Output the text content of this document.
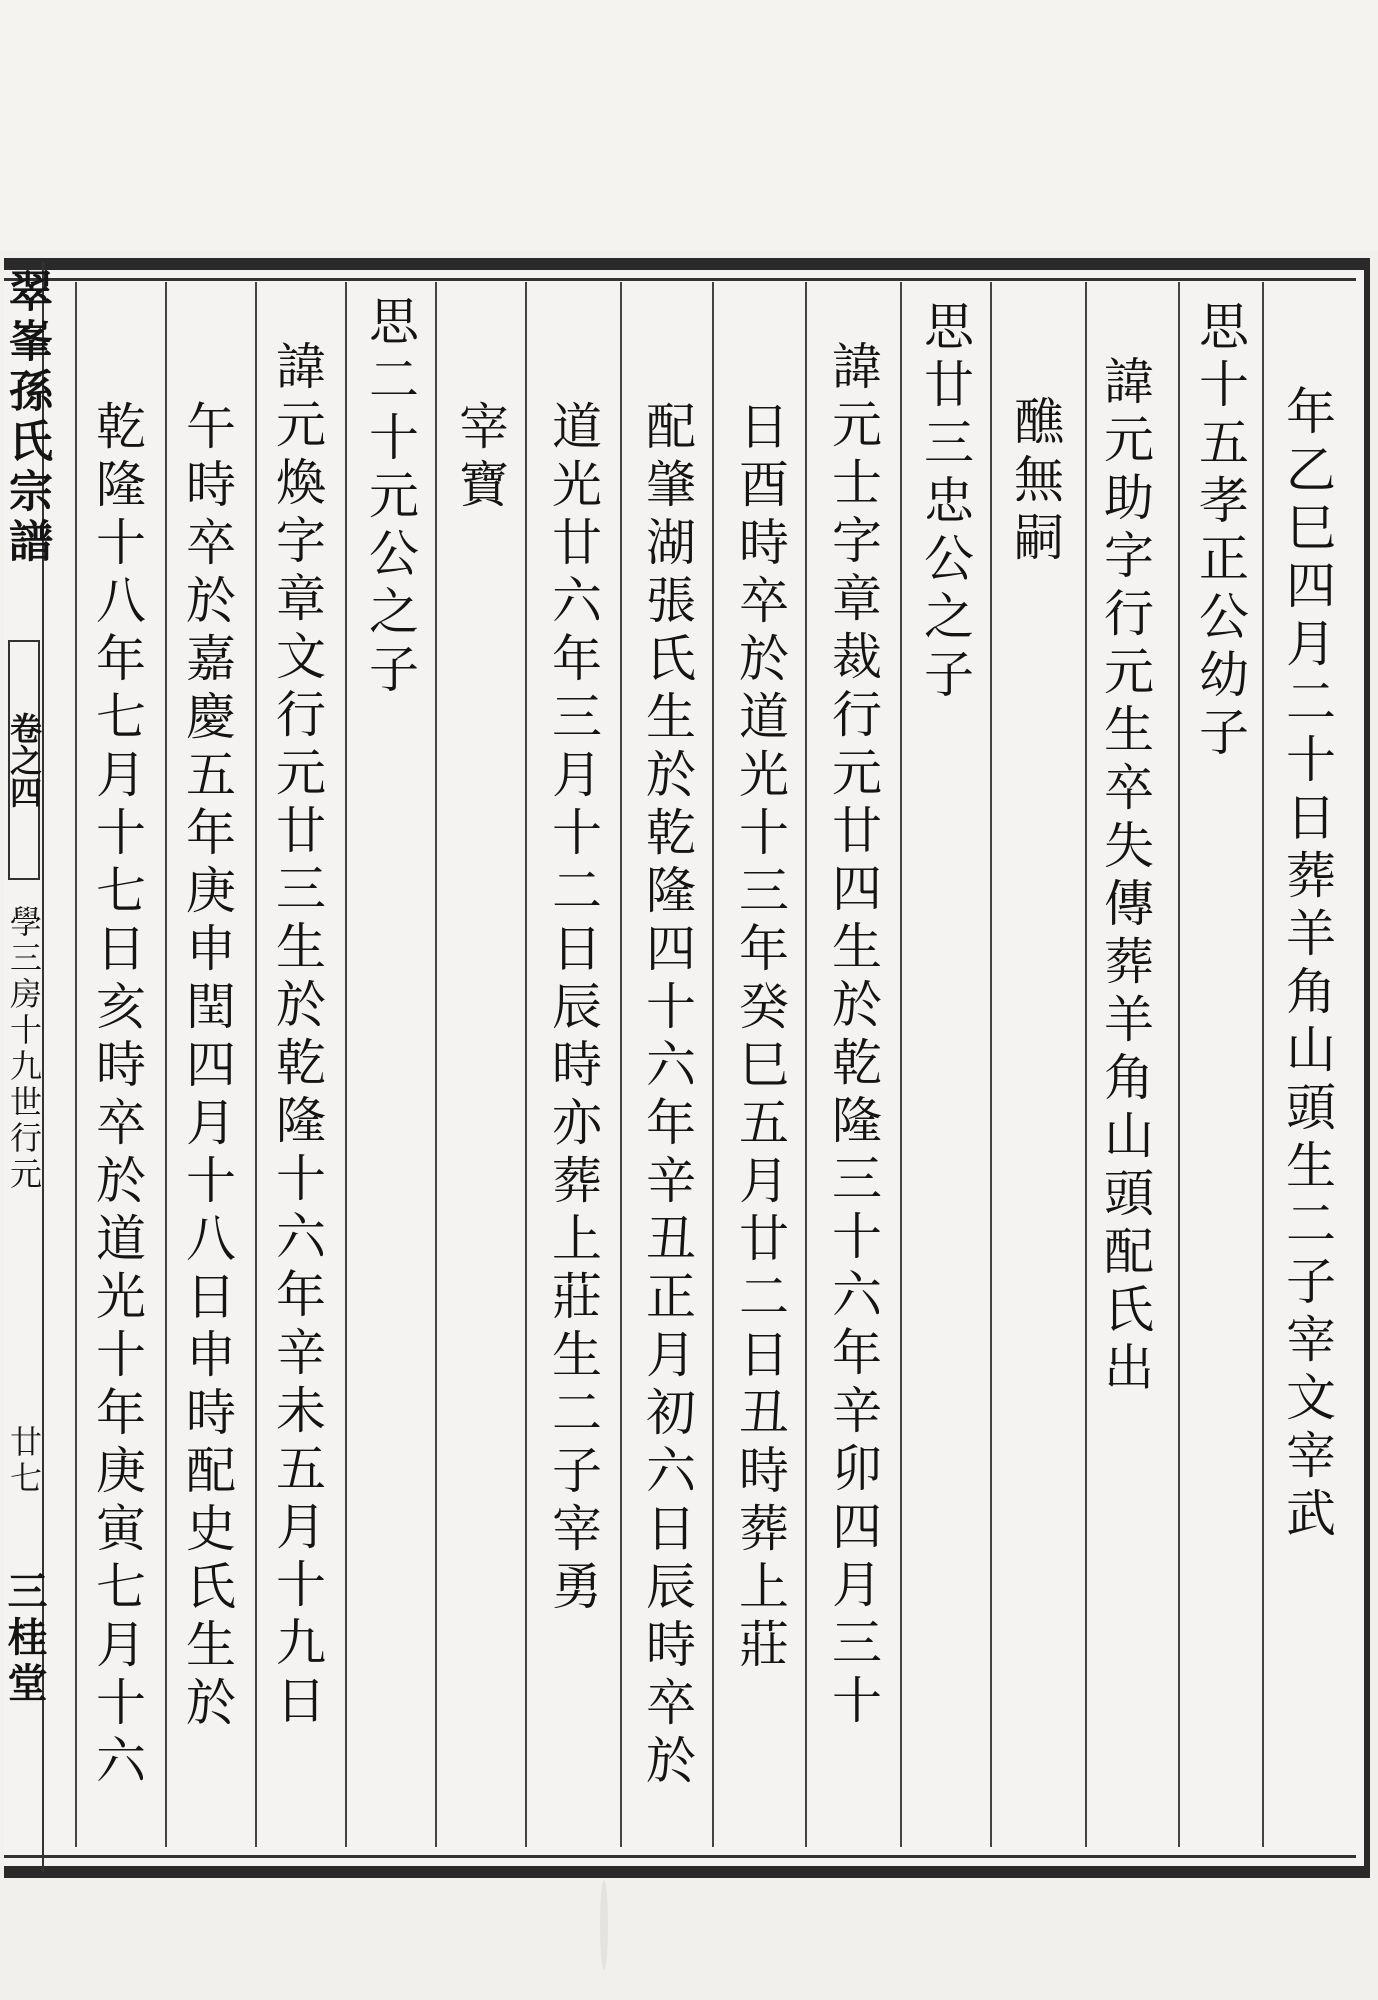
翠峯孫氏宗譜
卷之四
學三房十九世行元
廿七
三桂堂
年乙巳四月二十日葬羊角山頭生二子宰文宰武
思十五孝正公幼子
諱元助字行元生卒失傳葬羊角山頭配氏出
醮無嗣
思廿三忠公之子
諱元士字章裁行元廿四生於乾隆三十六年辛卯四月三十
日酉時卒於道光十三年癸巳五月廿二日丑時葬上莊
配肇湖張氏生於乾隆四十六年辛丑正月初六日辰時卒於
道光廿六年三月十二日辰時亦葬上莊生二子宰勇
宰寶
思二十元公之子
諱元煥字章文行元廿三生於乾隆十六年辛未五月十九日
午時卒於嘉慶五年庚申閏四月十八日申時配史氏生於
乾隆十八年七月十七日亥時卒於道光十年庚寅七月十六
